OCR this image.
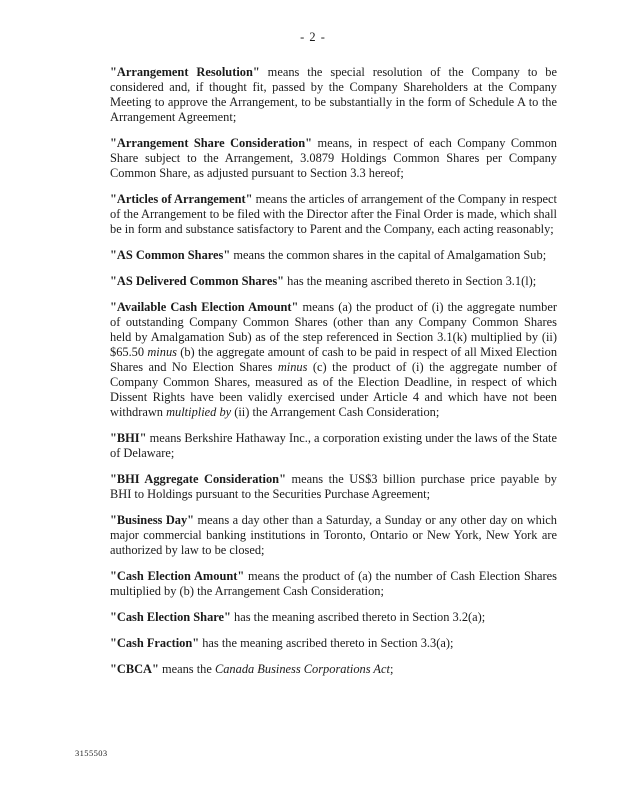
- 2 -

"Arrangement Resolution" means the special resolution of the Company to be considered and, if thought fit, passed by the Company Shareholders at the Company Meeting to approve the Arrangement, to be substantially in the form of Schedule A to the Arrangement Agreement;

"Arrangement Share Consideration" means, in respect of each Company Common Share subject to the Arrangement, 3.0879 Holdings Common Shares per Company Common Share, as adjusted pursuant to Section 3.3 hereof;

"Articles of Arrangement" means the articles of arrangement of the Company in respect of the Arrangement to be filed with the Director after the Final Order is made, which shall be in form and substance satisfactory to Parent and the Company, each acting reasonably;

"AS Common Shares" means the common shares in the capital of Amalgamation Sub;

"AS Delivered Common Shares" has the meaning ascribed thereto in Section 3.1(l);

"Available Cash Election Amount" means (a) the product of (i) the aggregate number of outstanding Company Common Shares (other than any Company Common Shares held by Amalgamation Sub) as of the step referenced in Section 3.1(k) multiplied by (ii) $65.50 minus (b) the aggregate amount of cash to be paid in respect of all Mixed Election Shares and No Election Shares minus (c) the product of (i) the aggregate number of Company Common Shares, measured as of the Election Deadline, in respect of which Dissent Rights have been validly exercised under Article 4 and which have not been withdrawn multiplied by (ii) the Arrangement Cash Consideration;

"BHI" means Berkshire Hathaway Inc., a corporation existing under the laws of the State of Delaware;

"BHI Aggregate Consideration" means the US$3 billion purchase price payable by BHI to Holdings pursuant to the Securities Purchase Agreement;

"Business Day" means a day other than a Saturday, a Sunday or any other day on which major commercial banking institutions in Toronto, Ontario or New York, New York are authorized by law to be closed;

"Cash Election Amount" means the product of (a) the number of Cash Election Shares multiplied by (b) the Arrangement Cash Consideration;

"Cash Election Share" has the meaning ascribed thereto in Section 3.2(a);

"Cash Fraction" has the meaning ascribed thereto in Section 3.3(a);

"CBCA" means the Canada Business Corporations Act;

3155503
